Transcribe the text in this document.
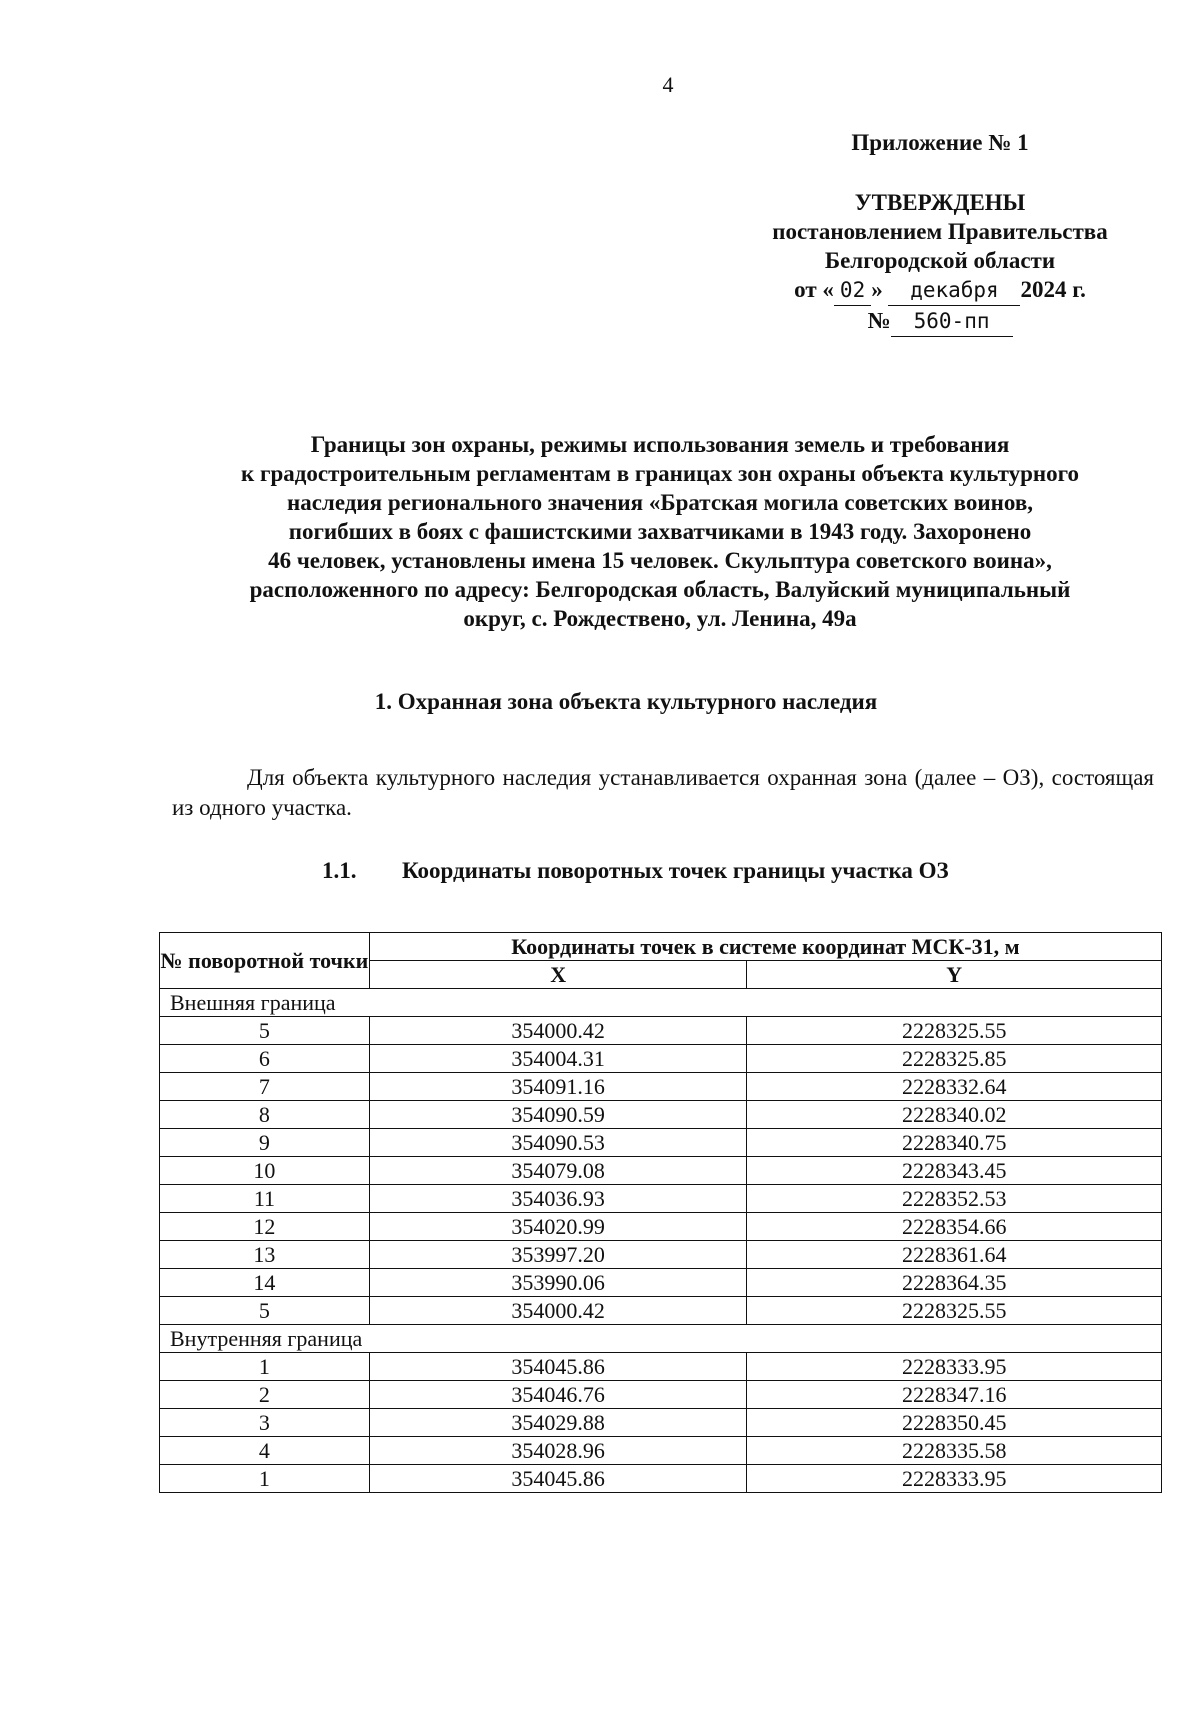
4
Приложение № 1
УТВЕРЖДЕНЫ
постановлением Правительства
Белгородской области
от « 02 » декабря 2024 г.
№ 560-пп
Границы зон охраны, режимы использования земель и требования
к градостроительным регламентам в границах зон охраны объекта культурного
наследия регионального значения «Братская могила советских воинов,
погибших в боях с фашистскими захватчиками в 1943 году. Захоронено
46 человек, установлены имена 15 человек. Скульптура советского воина»,
расположенного по адресу: Белгородская область, Валуйский муниципальный
округ, с. Рождествено, ул. Ленина, 49а
1. Охранная зона объекта культурного наследия
Для объекта культурного наследия устанавливается охранная зона (далее – ОЗ), состоящая из одного участка.
1.1. Координаты поворотных точек границы участка ОЗ
№ поворотной точки	Координаты точек в системе координат МСК-31, м	
	X	Y
Внешняя граница		
5	354000.42	2228325.55
6	354004.31	2228325.85
7	354091.16	2228332.64
8	354090.59	2228340.02
9	354090.53	2228340.75
10	354079.08	2228343.45
11	354036.93	2228352.53
12	354020.99	2228354.66
13	353997.20	2228361.64
14	353990.06	2228364.35
5	354000.42	2228325.55
Внутренняя граница		
1	354045.86	2228333.95
2	354046.76	2228347.16
3	354029.88	2228350.45
4	354028.96	2228335.58
1	354045.86	2228333.95
